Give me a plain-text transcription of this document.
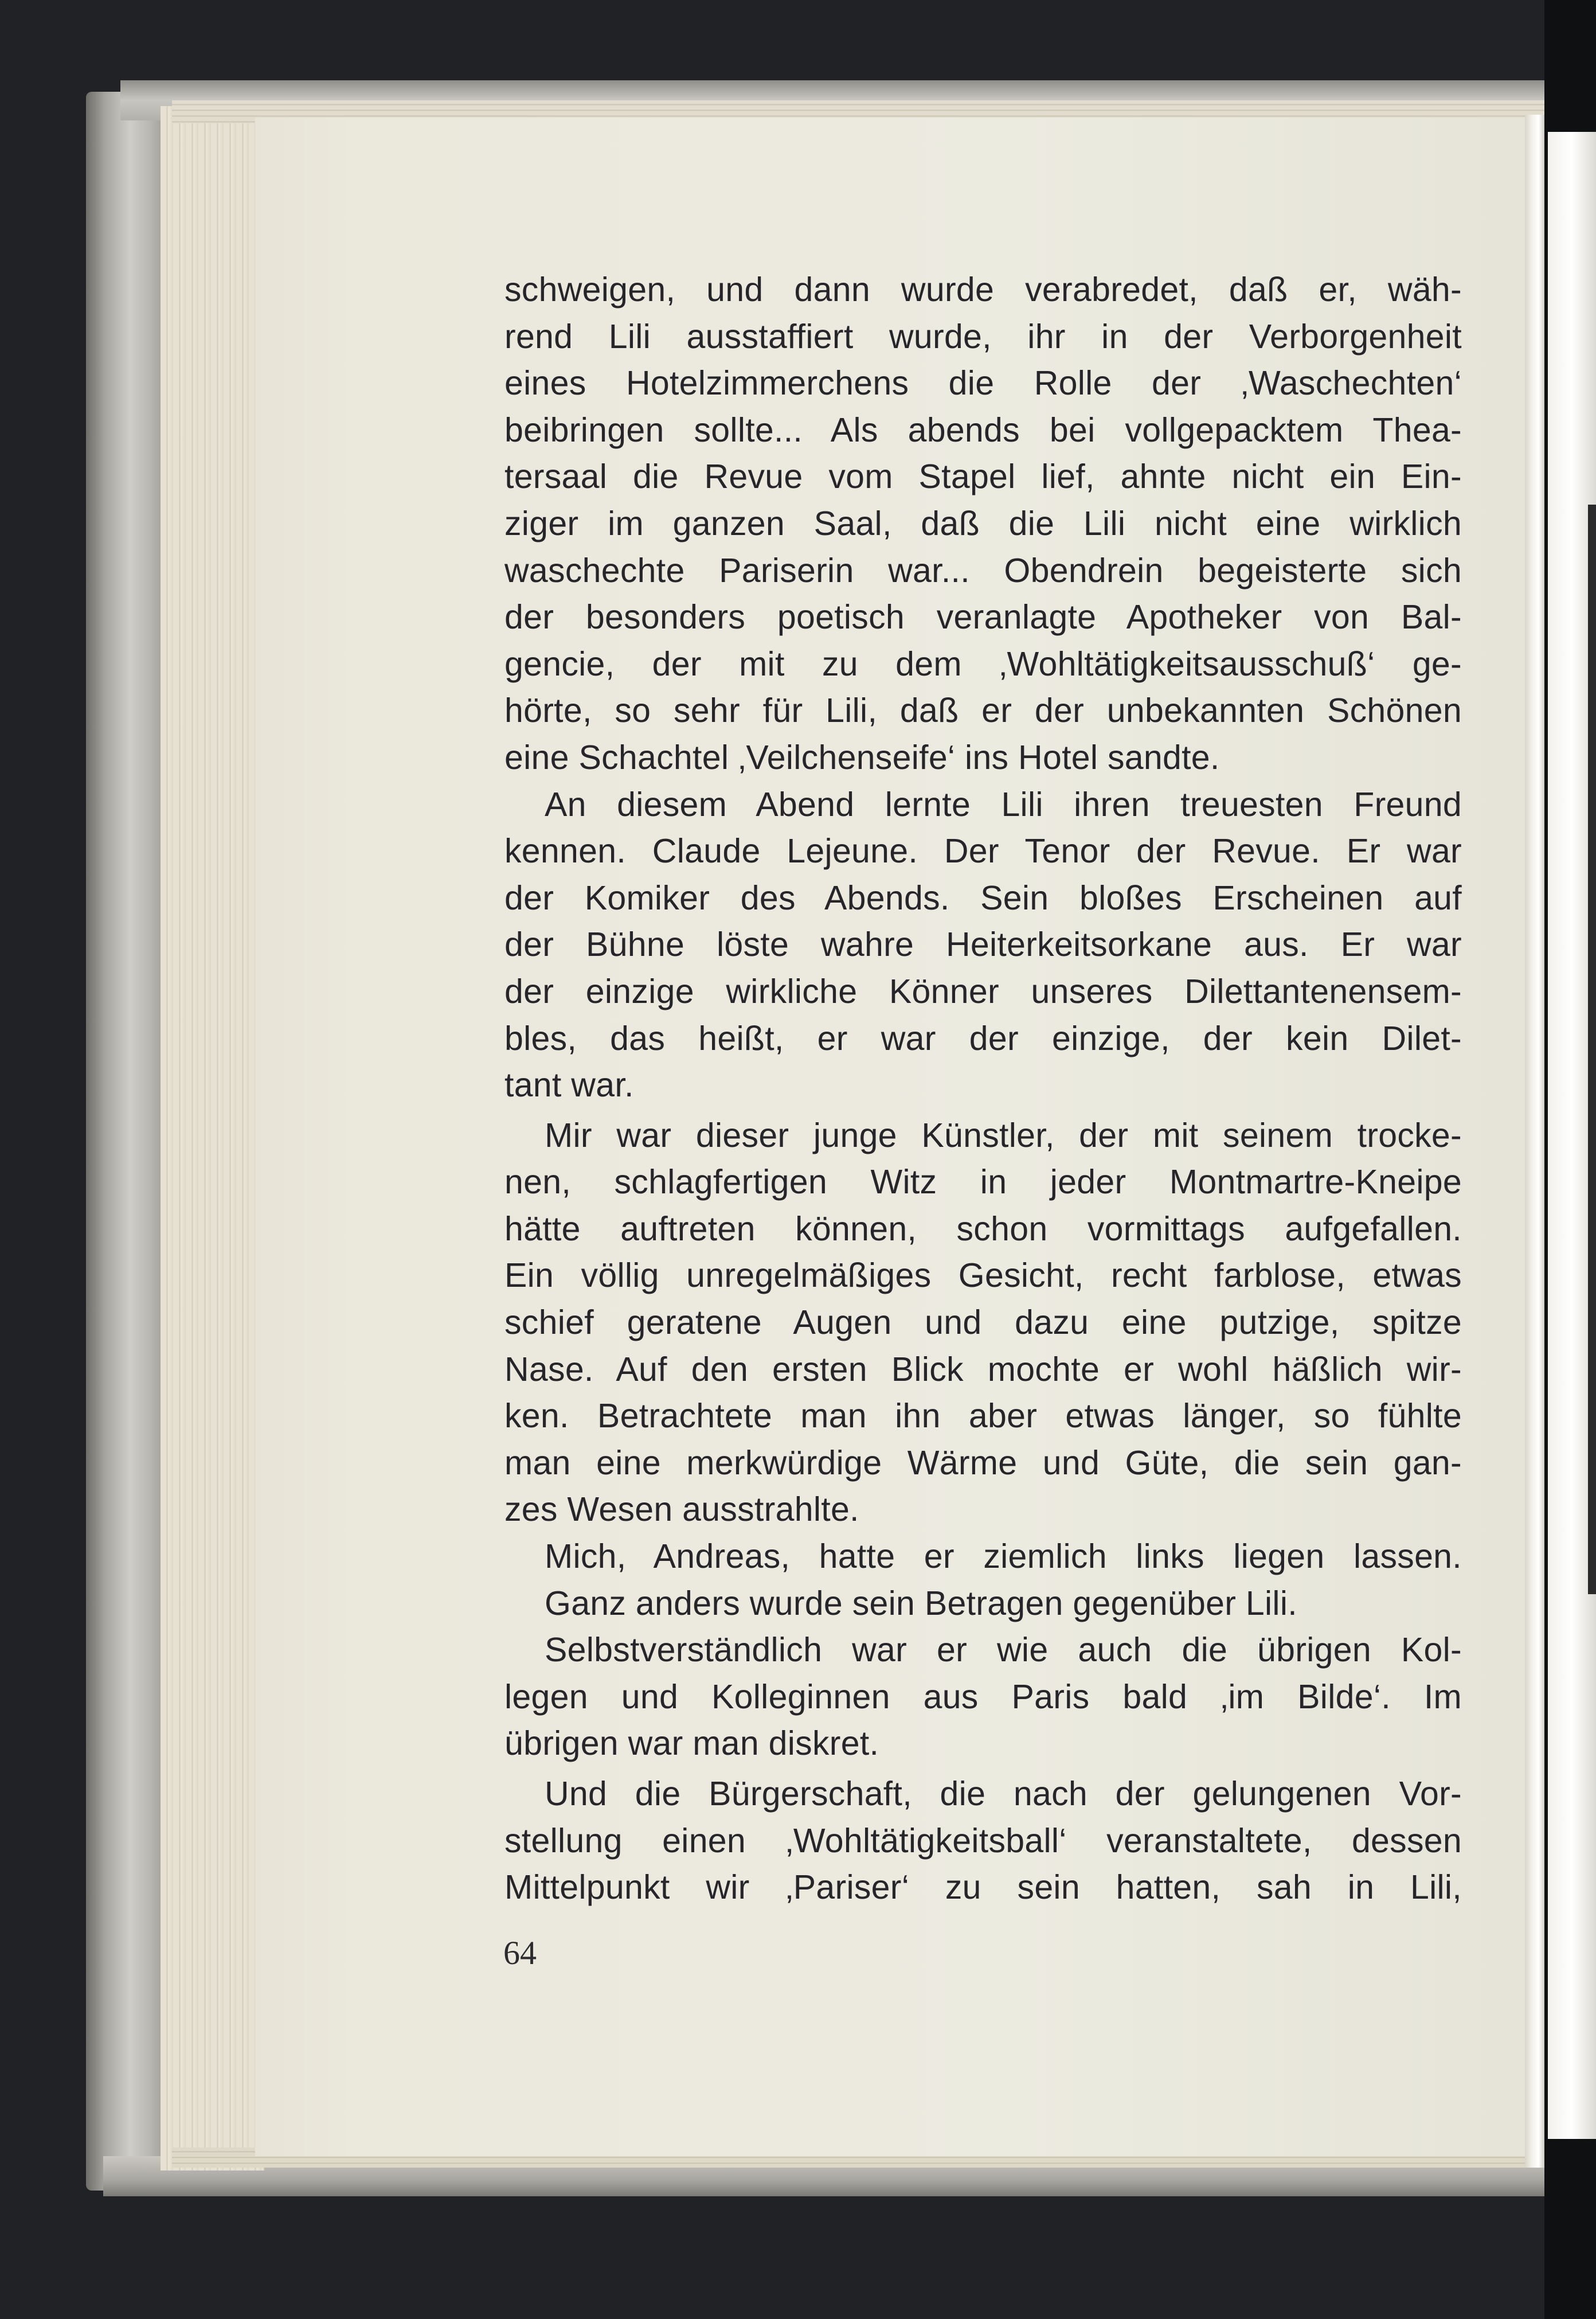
schweigen, und dann wurde verabredet, daß er, wäh-
rend Lili ausstaffiert wurde, ihr in der Verborgenheit
eines Hotelzimmerchens die Rolle der ‚Waschechten‘
beibringen sollte... Als abends bei vollgepacktem Thea-
tersaal die Revue vom Stapel lief, ahnte nicht ein Ein-
ziger im ganzen Saal, daß die Lili nicht eine wirklich
waschechte Pariserin war... Obendrein begeisterte sich
der besonders poetisch veranlagte Apotheker von Bal-
gencie, der mit zu dem ‚Wohltätigkeitsausschuß‘ ge-
hörte, so sehr für Lili, daß er der unbekannten Schönen
eine Schachtel ‚Veilchenseife‘ ins Hotel sandte.
An diesem Abend lernte Lili ihren treuesten Freund
kennen. Claude Lejeune. Der Tenor der Revue. Er war
der Komiker des Abends. Sein bloßes Erscheinen auf
der Bühne löste wahre Heiterkeitsorkane aus. Er war
der einzige wirkliche Könner unseres Dilettantenensem-
bles, das heißt, er war der einzige, der kein Dilet-
tant war.
Mir war dieser junge Künstler, der mit seinem trocke-
nen, schlagfertigen Witz in jeder Montmartre-Kneipe
hätte auftreten können, schon vormittags aufgefallen.
Ein völlig unregelmäßiges Gesicht, recht farblose, etwas
schief geratene Augen und dazu eine putzige, spitze
Nase. Auf den ersten Blick mochte er wohl häßlich wir-
ken. Betrachtete man ihn aber etwas länger, so fühlte
man eine merkwürdige Wärme und Güte, die sein gan-
zes Wesen ausstrahlte.
Mich, Andreas, hatte er ziemlich links liegen lassen.
Ganz anders wurde sein Betragen gegenüber Lili.
Selbstverständlich war er wie auch die übrigen Kol-
legen und Kolleginnen aus Paris bald ‚im Bilde‘. Im
übrigen war man diskret.
Und die Bürgerschaft, die nach der gelungenen Vor-
stellung einen ‚Wohltätigkeitsball‘ veranstaltete, dessen
Mittelpunkt wir ‚Pariser‘ zu sein hatten, sah in Lili,
64
